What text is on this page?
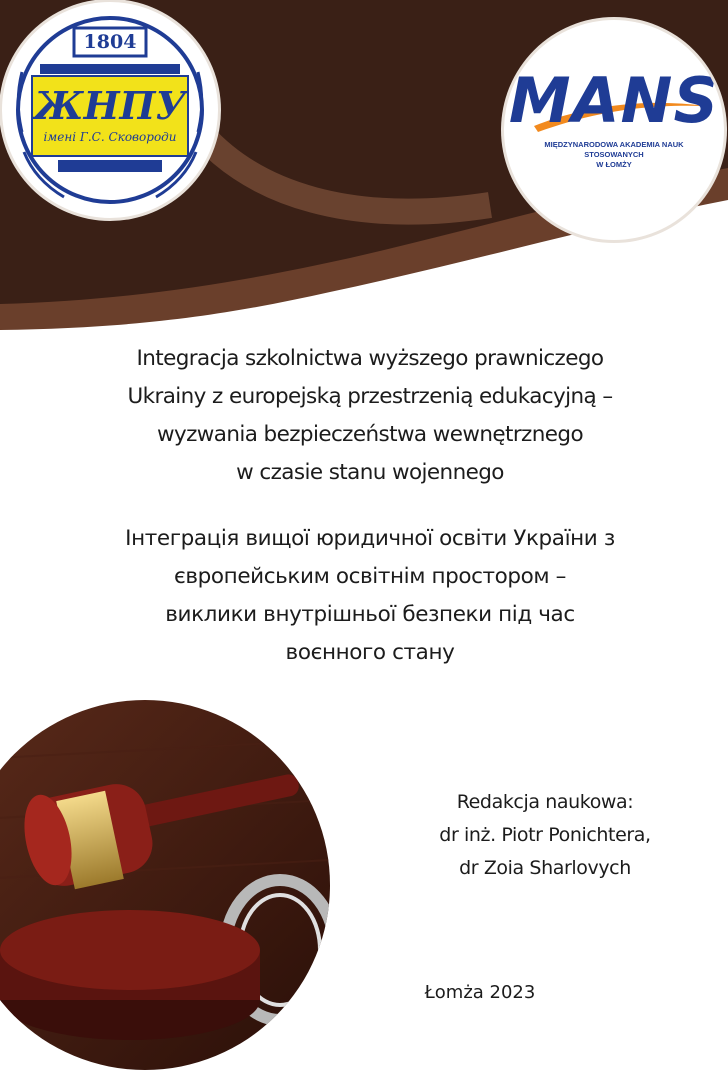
1804
ЖНПУ
імені Г.С. Сковороди	MANS
MIĘDZYNARODOWA AKADEMIA NAUK STOSOWANYCH
W ŁOMŻY
Integracja szkolnictwa wyższego prawniczego
Ukrainy z europejską przestrzenią edukacyjną –
wyzwania bezpieczeństwa wewnętrznego
w czasie stanu wojennego
Інтеграція вищої юридичної освіти України з
європейським освітнім простором –
виклики внутрішньої безпеки під час
воєнного стану
Redakcja naukowa:
dr inż. Piotr Ponichtera,
dr Zoia Sharlovych
Łomża 2023
